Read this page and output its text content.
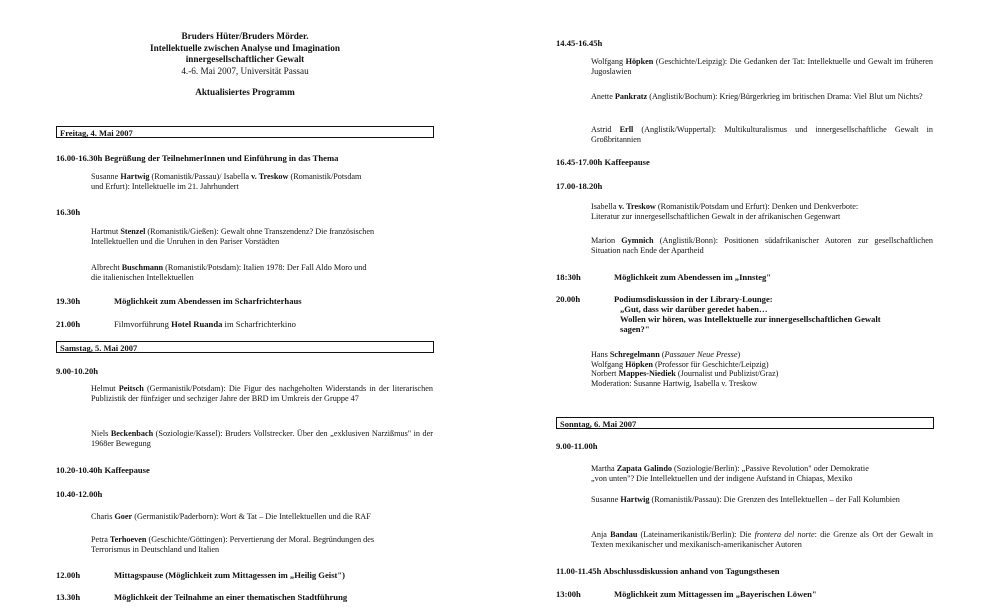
Bruders Hüter/Bruders Mörder.
Intellektuelle zwischen Analyse und Imagination
innergesellschaftlicher Gewalt
4.-6. Mai 2007, Universität Passau
Aktualisiertes Programm
Freitag, 4. Mai 2007
16.00-16.30h Begrüßung der TeilnehmerInnen und Einführung in das Thema
Susanne Hartwig (Romanistik/Passau)/ Isabella v. Treskow (Romanistik/Potsdam
und Erfurt): Intellektuelle im 21. Jahrhundert
16.30h
Hartmut Stenzel (Romanistik/Gießen): Gewalt ohne Transzendenz? Die französischen
Intellektuellen und die Unruhen in den Pariser Vorstädten
Albrecht Buschmann (Romanistik/Potsdam): Italien 1978: Der Fall Aldo Moro und
die italienischen Intellektuellen
19.30h	Möglichkeit zum Abendessen im Scharfrichterhaus
21.00h	Filmvorführung Hotel Ruanda im Scharfrichterkino
Samstag, 5. Mai 2007
9.00-10.20h
Helmut Peitsch (Germanistik/Potsdam): Die Figur des nachgeholten Widerstands in der literarischen Publizistik der fünfziger und sechziger Jahre der BRD im Umkreis der Gruppe 47
Niels Beckenbach (Soziologie/Kassel): Bruders Vollstrecker. Über den „exklusiven Narzißmus" in der 1968er Bewegung
10.20-10.40h Kaffeepause
10.40-12.00h
Charis Goer (Germanistik/Paderborn): Wort & Tat – Die Intellektuellen und die RAF
Petra Terhoeven (Geschichte/Göttingen): Pervertierung der Moral. Begründungen des
Terrorismus in Deutschland und Italien
12.00h	Mittagspause (Möglichkeit zum Mittagessen im „Heilig Geist")
13.30h	Möglichkeit der Teilnahme an einer thematischen Stadtführung
14.45-16.45h
Wolfgang Höpken (Geschichte/Leipzig): Die Gedanken der Tat: Intellektuelle und Gewalt im früheren Jugoslawien
Anette Pankratz (Anglistik/Bochum): Krieg/Bürgerkrieg im britischen Drama: Viel Blut um Nichts?
Astrid Erll (Anglistik/Wuppertal): Multikulturalismus und innergesellschaftliche Gewalt in Großbritannien
16.45-17.00h Kaffeepause
17.00-18.20h
Isabella v. Treskow (Romanistik/Potsdam und Erfurt): Denken und Denkverbote:
Literatur zur innergesellschaftlichen Gewalt in der afrikanischen Gegenwart
Marion Gymnich (Anglistik/Bonn): Positionen südafrikanischer Autoren zur gesellschaftlichen Situation nach Ende der Apartheid
18:30h	Möglichkeit zum Abendessen im „Innsteg"
20.00h	Podiumsdiskussion in der Library-Lounge:
„Gut, dass wir darüber geredet haben…
Wollen wir hören, was Intellektuelle zur innergesellschaftlichen Gewalt
sagen?"
Hans Schregelmann (Passauer Neue Presse)
Wolfgang Höpken (Professor für Geschichte/Leipzig)
Norbert Mappes-Niediek (Journalist und Publizist/Graz)
Moderation: Susanne Hartwig, Isabella v. Treskow
Sonntag, 6. Mai 2007
9.00-11.00h
Martha Zapata Galindo (Soziologie/Berlin): „Passive Revolution" oder Demokratie
„von unten"? Die Intellektuellen und der indigene Aufstand in Chiapas, Mexiko
Susanne Hartwig (Romanistik/Passau): Die Grenzen des Intellektuellen – der Fall Kolumbien
Anja Bandau (Lateinamerikanistik/Berlin): Die frontera del norte: die Grenze als Ort der Gewalt in Texten mexikanischer und mexikanisch-amerikanischer Autoren
11.00-11.45h Abschlussdiskussion anhand von Tagungsthesen
13:00h	Möglichkeit zum Mittagessen im „Bayerischen Löwen"
